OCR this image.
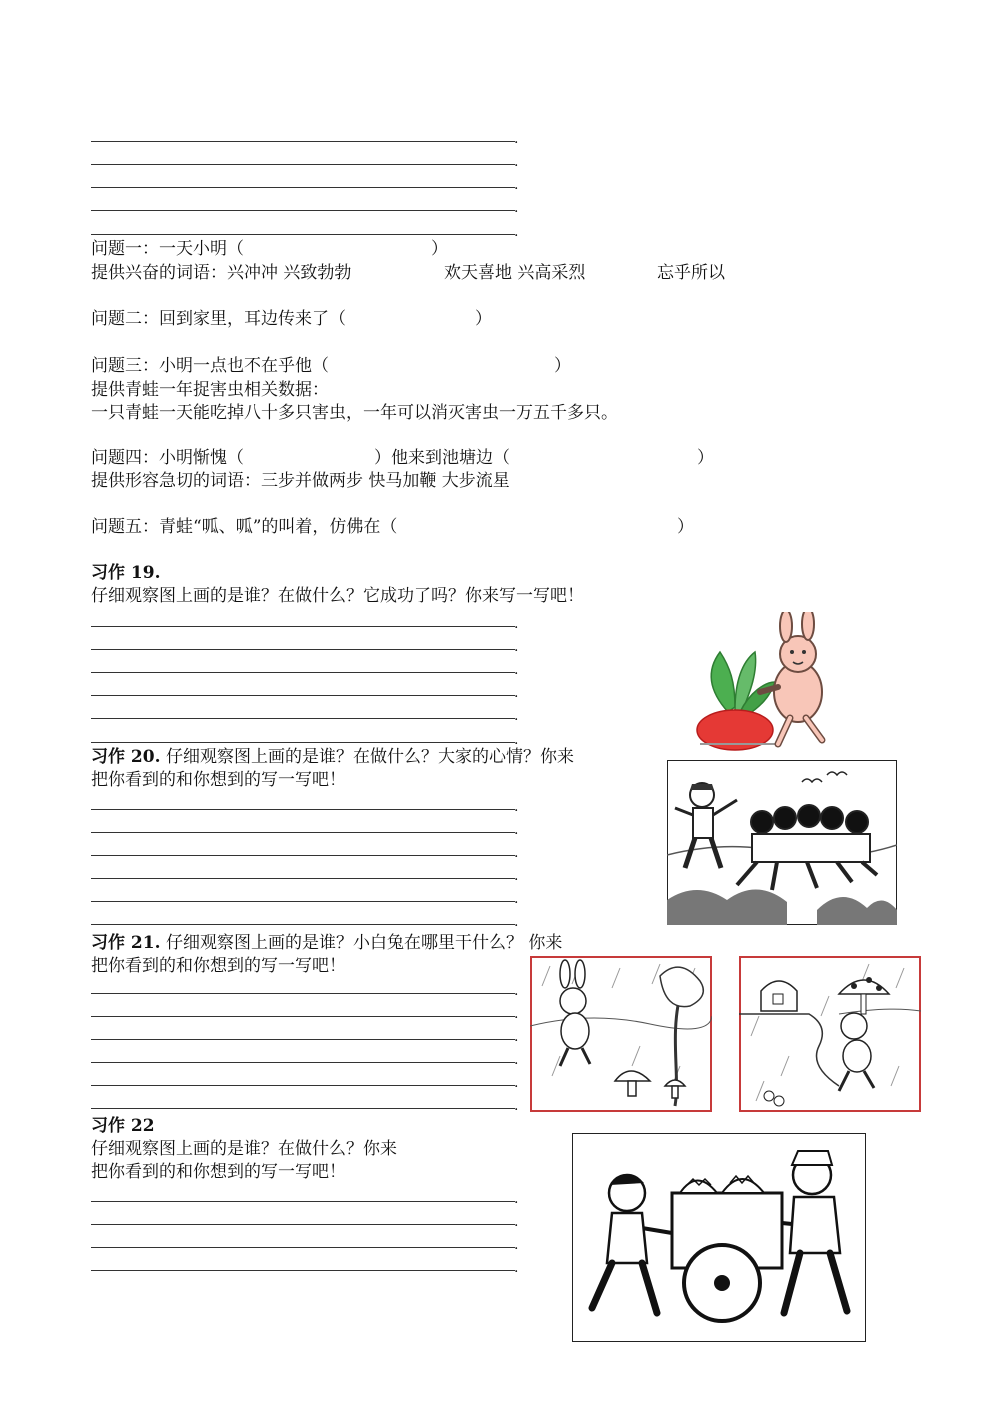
.
.
.
.
.
问题一：一天小明（	）
提供兴奋的词语：兴冲冲 兴致勃勃	欢天喜地 兴高采烈	忘乎所以
问题二：回到家里，耳边传来了（	）
问题三：小明一点也不在乎他（	）
提供青蛙一年捉害虫相关数据：
一只青蛙一天能吃掉八十多只害虫，一年可以消灭害虫一万五千多只。
问题四：小明惭愧（	）他来到池塘边（	）
提供形容急切的词语：三步并做两步 快马加鞭 大步流星
问题五：青蛙“呱、呱”的叫着，仿佛在（	）
习作 19.
仔细观察图上画的是谁？在做什么？它成功了吗？你来写一写吧！
.
.
.
.
.
.
习作 20. 仔细观察图上画的是谁？在做什么？大家的心情？你来
把你看到的和你想到的写一写吧！
.
.
.
.
.
.
习作 21. 仔细观察图上画的是谁？小白兔在哪里干什么？ 你来
把你看到的和你想到的写一写吧！
.
.
.
.
.
.
习作 22
仔细观察图上画的是谁？在做什么？你来
把你看到的和你想到的写一写吧！
.
.
.
.
